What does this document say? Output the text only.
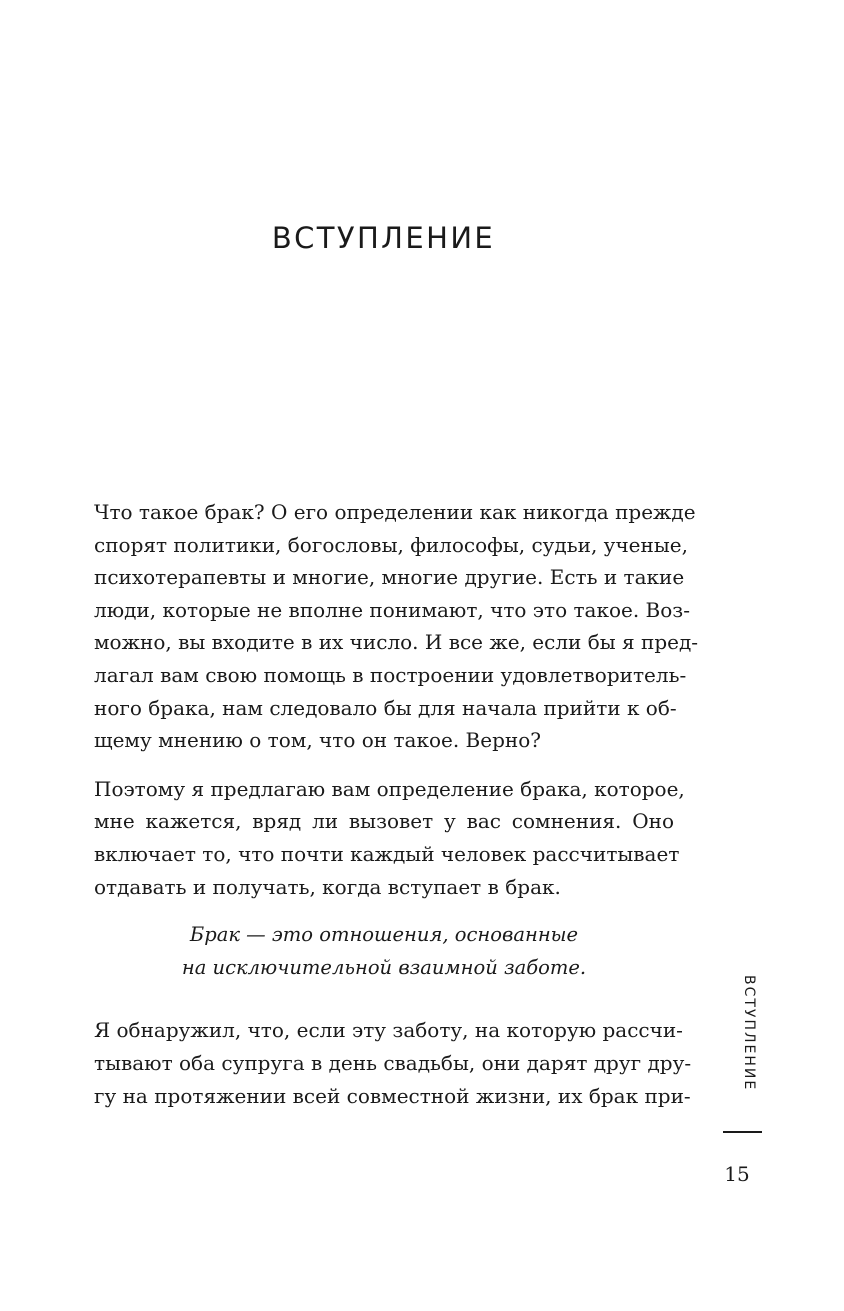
ВСТУПЛЕНИЕ

Что такое брак? О его определении как никогда прежде
спорят политики, богословы, философы, судьи, ученые,
психотерапевты и многие, многие другие. Есть и такие
люди, которые не вполне понимают, что это такое. Воз-
можно, вы входите в их число. И все же, если бы я пред-
лагал вам свою помощь в построении удовлетворитель-
ного брака, нам следовало бы для начала прийти к об-
щему мнению о том, что он такое. Верно?

Поэтому я предлагаю вам определение брака, которое,
мне кажется, вряд ли вызовет у вас сомнения. Оно
включает то, что почти каждый человек рассчитывает
отдавать и получать, когда вступает в брак.

Брак — это отношения, основанные
на исключительной взаимной заботе.

Я обнаружил, что, если эту заботу, на которую рассчи-
тывают оба супруга в день свадьбы, они дарят друг дру-
гу на протяжении всей совместной жизни, их брак при-

ВСТУПЛЕНИЕ
15
